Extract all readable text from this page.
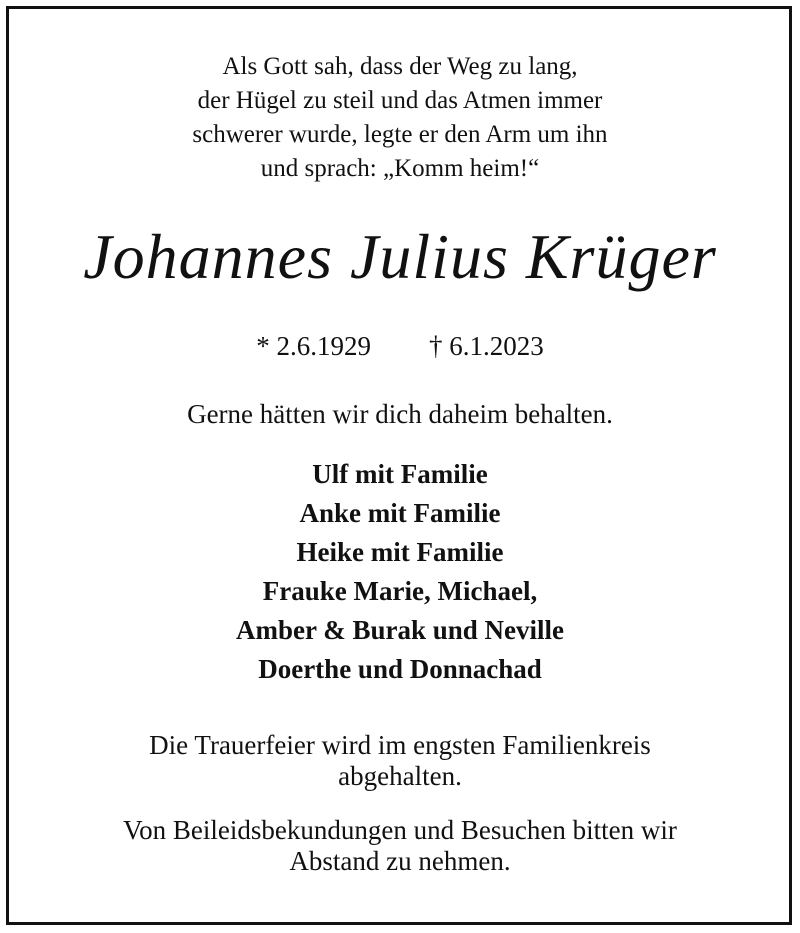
Als Gott sah, dass der Weg zu lang,
der Hügel zu steil und das Atmen immer
schwerer wurde, legte er den Arm um ihn
und sprach: „Komm heim!“
Johannes Julius Krüger
* 2.6.1929 † 6.1.2023
Gerne hätten wir dich daheim behalten.
Ulf mit Familie
Anke mit Familie
Heike mit Familie
Frauke Marie, Michael,
Amber & Burak und Neville
Doerthe und Donnachad
Die Trauerfeier wird im engsten Familienkreis
abgehalten.
Von Beileidsbekundungen und Besuchen bitten wir
Abstand zu nehmen.
